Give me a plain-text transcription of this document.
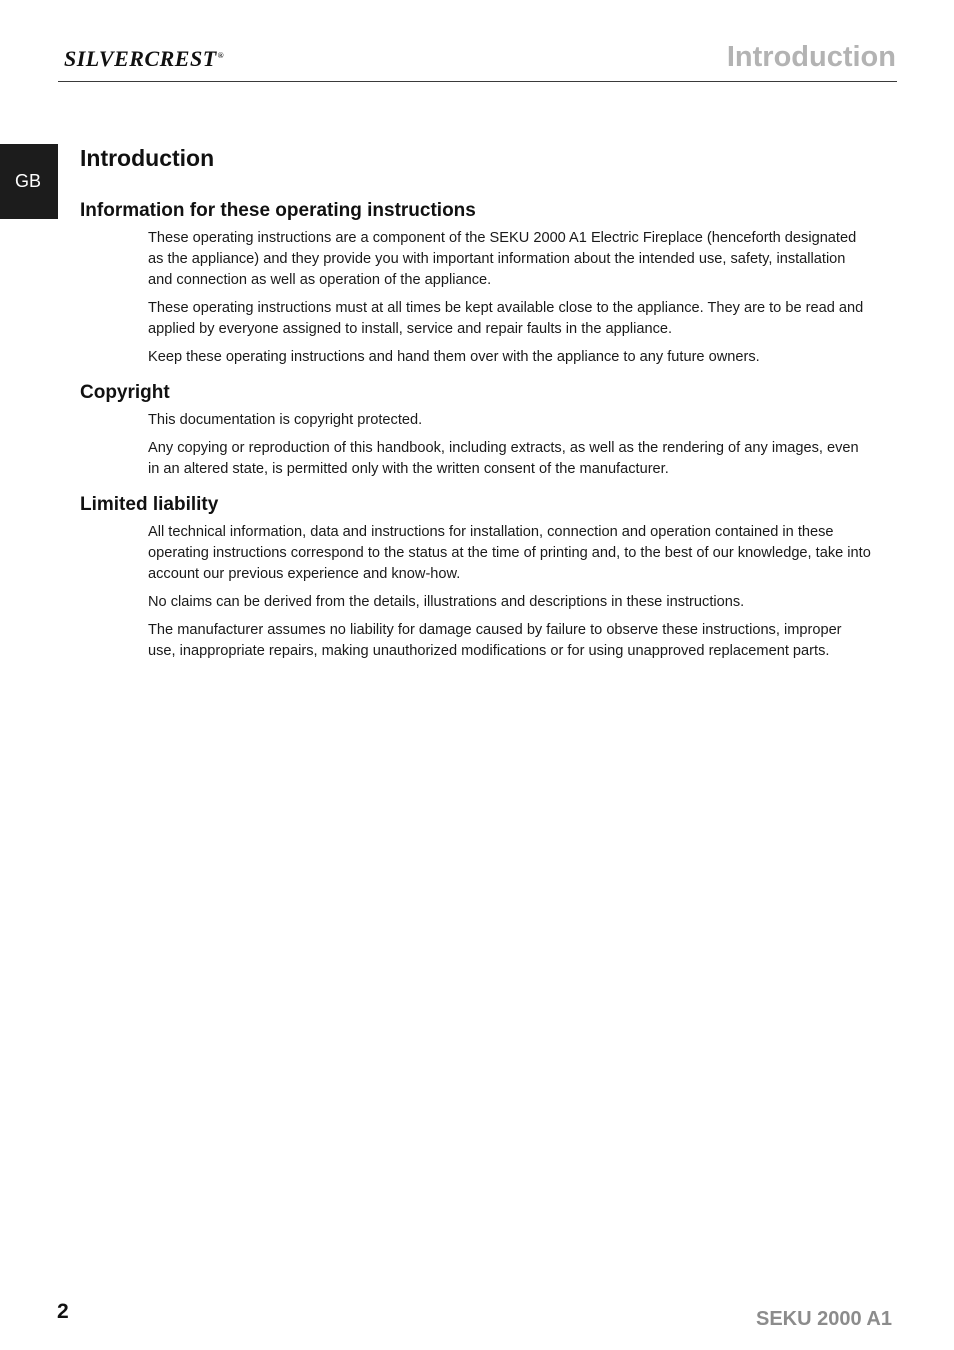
SILVERCREST®	Introduction
GB
Introduction
Information for these operating instructions

These operating instructions are a component of the SEKU 2000 A1 Electric Fireplace (henceforth designated as the appliance) and they provide you with important information about the intended use, safety, installation and connection as well as operation of the appliance.

These operating instructions must at all times be kept available close to the appliance. They are to be read and applied by everyone assigned to install, service and repair faults in the appliance.

Keep these operating instructions and hand them over with the appliance to any future owners.

Copyright

This documentation is copyright protected.

Any copying or reproduction of this handbook, including extracts, as well as the rendering of any images, even in an altered state, is permitted only with the written consent of the manufacturer.

Limited liability

All technical information, data and instructions for installation, connection and operation contained in these operating instructions correspond to the status at the time of printing and, to the best of our knowledge, take into account our previous experience and know-how.

No claims can be derived from the details, illustrations and descriptions in these instructions.

The manufacturer assumes no liability for damage caused by failure to observe these instructions, improper use, inappropriate repairs, making unauthorized modifications or for using unapproved replacement parts.

2	SEKU 2000 A1
